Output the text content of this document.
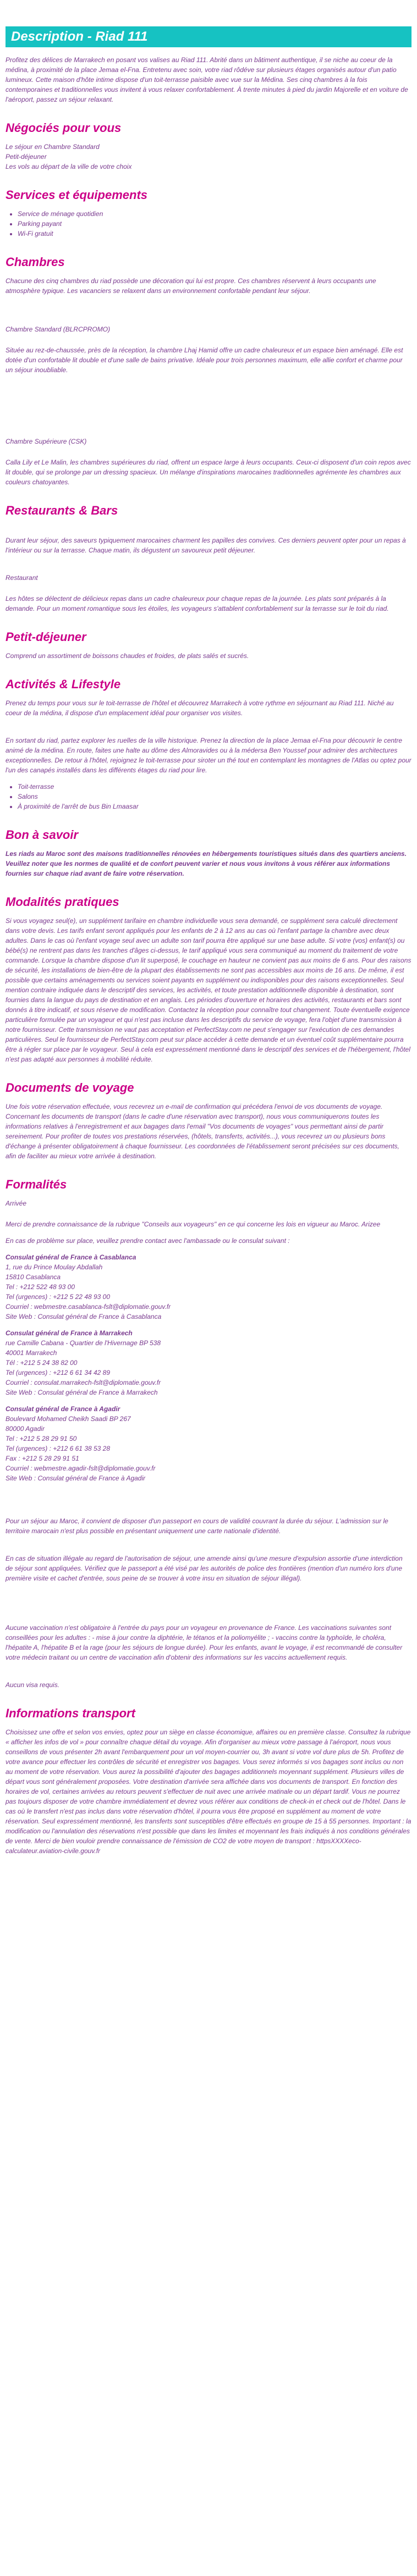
Description - Riad 111

Profitez des délices de Marrakech en posant vos valises au Riad 111. Abrité dans un bâtiment authentique, il se niche au coeur de la médina, à proximité de la place Jemaa el-Fna. Entretenu avec soin, votre riad rôdéve sur plusieurs étages organisés autour d'un patio lumineux. Cette maison d'hôte intime dispose d'un toit-terrasse paisible avec vue sur la Médina. Ses cinq chambres à la fois contemporaines et traditionnelles vous invitent à vous relaxer confortablement. À trente minutes à pied du jardin Majorelle et en voiture de l'aéroport, passez un séjour relaxant.

Négociés pour vous
Le séjour en Chambre Standard
Petit-déjeuner
Les vols au départ de la ville de votre choix
Services et équipements
• Service de ménage quotidien
• Parking payant
• Wi-Fi gratuit
Chambres

Chacune des cinq chambres du riad possède une décoration qui lui est propre. Ces chambres réservent à leurs occupants une atmosphère typique. Les vacanciers se relaxent dans un environnement confortable pendant leur séjour.

Chambre Standard (BLRCPROMO)

Située au rez-de-chaussée, près de la réception, la chambre Lhaj Hamid offre un cadre chaleureux et un espace bien aménagé. Elle est dotée d'un confortable lit double et d'une salle de bains privative. Idéale pour trois personnes maximum, elle allie confort et charme pour un séjour inoubliable.

Chambre Supérieure (CSK)

Calla Lily et Le Malin, les chambres supérieures du riad, offrent un espace large à leurs occupants. Ceux-ci disposent d'un coin repos avec lit double, qui se prolonge par un dressing spacieux. Un mélange d'inspirations marocaines traditionnelles agrémente les chambres aux couleurs chatoyantes.

Restaurants & Bars

Durant leur séjour, des saveurs typiquement marocaines charment les papilles des convives. Ces derniers peuvent opter pour un repas à l'intérieur ou sur la terrasse. Chaque matin, ils dégustent un savoureux petit déjeuner.

Restaurant

Les hôtes se délectent de délicieux repas dans un cadre chaleureux pour chaque repas de la journée. Les plats sont préparés à la demande. Pour un moment romantique sous les étoiles, les voyageurs s'attablent confortablement sur la terrasse sur le toit du riad.

Petit-déjeuner

Comprend un assortiment de boissons chaudes et froides, de plats salés et sucrés.

Activités & Lifestyle

Prenez du temps pour vous sur le toit-terrasse de l'hôtel et découvrez Marrakech à votre rythme en séjournant au Riad 111. Niché au coeur de la médina, il dispose d'un emplacement idéal pour organiser vos visites.

En sortant du riad, partez explorer les ruelles de la ville historique. Prenez la direction de la place Jemaa el-Fna pour découvrir le centre animé de la médina. En route, faites une halte au dôme des Almoravides ou à la médersa Ben Youssef pour admirer des architectures exceptionnelles. De retour à l'hôtel, rejoignez le toit-terrasse pour siroter un thé tout en contemplant les montagnes de l'Atlas ou optez pour l'un des canapés installés dans les différents étages du riad pour lire.

• Toit-terrasse
• Salons
• À proximité de l'arrêt de bus Bin Lmaasar
Bon à savoir

Les riads au Maroc sont des maisons traditionnelles rénovées en hébergements touristiques situés dans des quartiers anciens. Veuillez noter que les normes de qualité et de confort peuvent varier et nous vous invitons à vous référer aux informations fournies sur chaque riad avant de faire votre réservation.

Modalités pratiques

Si vous voyagez seul(e), un supplément tarifaire en chambre individuelle vous sera demandé, ce supplément sera calculé directement dans votre devis. Les tarifs enfant seront appliqués pour les enfants de 2 à 12 ans au cas où l'enfant partage la chambre avec deux adultes. Dans le cas où l'enfant voyage seul avec un adulte son tarif pourra être appliqué sur une base adulte. Si votre (vos) enfant(s) ou bébé(s) ne rentrent pas dans les tranches d'âges ci-dessus, le tarif appliqué vous sera communiqué au moment du traitement de votre commande. Lorsque la chambre dispose d'un lit superposé, le couchage en hauteur ne convient pas aux moins de 6 ans. Pour des raisons de sécurité, les installations de bien-être de la plupart des établissements ne sont pas accessibles aux moins de 16 ans. De même, il est possible que certains aménagements ou services soient payants en supplément ou indisponibles pour des raisons exceptionnelles. Seul mention contraire indiquée dans le descriptif des services, les activités, et toute prestation additionnelle disponible à destination, sont fournies dans la langue du pays de destination et en anglais. Les périodes d'ouverture et horaires des activités, restaurants et bars sont donnés à titre indicatif, et sous réserve de modification. Contactez la réception pour connaître tout changement. Toute éventuelle exigence particulière formulée par un voyageur et qui n'est pas incluse dans les descriptifs du service de voyage, fera l'objet d'une transmission à notre fournisseur. Cette transmission ne vaut pas acceptation et PerfectStay.com ne peut s'engager sur l'exécution de ces demandes particulières. Seul le fournisseur de PerfectStay.com peut sur place accéder à cette demande et un éventuel coût supplémentaire pourra être à régler sur place par le voyageur. Seul à cela est expressément mentionné dans le descriptif des services et de l'hébergement, l'hôtel n'est pas adapté aux personnes à mobilité réduite.

Documents de voyage

Une fois votre réservation effectuée, vous recevrez un e-mail de confirmation qui précédera l'envoi de vos documents de voyage. Concernant les documents de transport (dans le cadre d'une réservation avec transport), nous vous communiquerons toutes les informations relatives à l'enregistrement et aux bagages dans l'email "Vos documents de voyages" vous permettant ainsi de partir sereinement. Pour profiter de toutes vos prestations réservées, (hôtels, transferts, activités...), vous recevrez un ou plusieurs bons d'échange à présenter obligatoirement à chaque fournisseur. Les coordonnées de l'établissement seront précisées sur ces documents, afin de faciliter au mieux votre arrivée à destination.

Formalités
Arrivée

Merci de prendre connaissance de la rubrique "Conseils aux voyageurs" en ce qui concerne les lois en vigueur au Maroc. Arizee

En cas de problème sur place, veuillez prendre contact avec l'ambassade ou le consulat suivant :

Consulat général de France à Casablanca
1, rue du Prince Moulay Abdallah
15810 Casablanca
Tel : +212 522 48 93 00
Tel (urgences) : +212 5 22 48 93 00
Courriel : webmestre.casablanca-fslt@diplomatie.gouv.fr
Site Web : Consulat général de France à Casablanca
Consulat général de France à Marrakech
rue Camille Cabana - Quartier de l'Hivernage BP 538
40001 Marrakech
Tél : +212 5 24 38 82 00
Tel (urgences) : +212 6 61 34 42 89
Courriel : consulat.marrakech-fslt@diplomatie.gouv.fr
Site Web : Consulat général de France à Marrakech
Consulat général de France à Agadir
Boulevard Mohamed Cheikh Saadi BP 267
80000 Agadir
Tel : +212 5 28 29 91 50
Tel (urgences) : +212 6 61 38 53 28
Fax : +212 5 28 29 91 51
Courriel : webmestre.agadir-fslt@diplomatie.gouv.fr
Site Web : Consulat général de France à Agadir

Pour un séjour au Maroc, il convient de disposer d'un passeport en cours de validité couvrant la durée du séjour. L'admission sur le territoire marocain n'est plus possible en présentant uniquement une carte nationale d'identité.

En cas de situation illégale au regard de l'autorisation de séjour, une amende ainsi qu'une mesure d'expulsion assortie d'une interdiction de séjour sont appliquées. Vérifiez que le passeport a été visé par les autorités de police des frontières (mention d'un numéro lors d'une première visite et cachet d'entrée, sous peine de se trouver à votre insu en situation de séjour illégal).

Aucune vaccination n'est obligatoire à l'entrée du pays pour un voyageur en provenance de France. Les vaccinations suivantes sont conseillées pour les adultes : - mise à jour contre la diphtérie, le tétanos et la poliomyélite ; - vaccins contre la typhoïde, le choléra, l'hépatite A, l'hépatite B et la rage (pour les séjours de longue durée). Pour les enfants, avant le voyage, il est recommandé de consulter votre médecin traitant ou un centre de vaccination afin d'obtenir des informations sur les vaccins actuellement requis.

Aucun visa requis.

Informations transport

Choisissez une offre et selon vos envies, optez pour un siège en classe économique, affaires ou en première classe. Consultez la rubrique « afficher les infos de vol » pour connaître chaque détail du voyage. Afin d'organiser au mieux votre passage à l'aéroport, nous vous conseillons de vous présenter 2h avant l'embarquement pour un vol moyen-courrier ou, 3h avant si votre vol dure plus de 5h. Profitez de votre avance pour effectuer les contrôles de sécurité et enregistrer vos bagages. Vous serez informés si vos bagages sont inclus ou non au moment de votre réservation. Vous aurez la possibilité d'ajouter des bagages additionnels moyennant supplément. Plusieurs villes de départ vous sont généralement proposées. Votre destination d'arrivée sera affichée dans vos documents de transport. En fonction des horaires de vol, certaines arrivées au retours peuvent s'effectuer de nuit avec une arrivée matinale ou un départ tardif. Vous ne pourrez pas toujours disposer de votre chambre immédiatement et devrez vous référer aux conditions de check-in et check out de l'hôtel. Dans le cas où le transfert n'est pas inclus dans votre réservation d'hôtel, il pourra vous être proposé en supplément au moment de votre réservation. Seul expressément mentionné, les transferts sont susceptibles d'être effectués en groupe de 15 à 55 personnes. Important : la modification ou l'annulation des réservations n'est possible que dans les limites et moyennant les frais indiqués à nos conditions générales de vente. Merci de bien vouloir prendre connaissance de l'émission de CO2 de votre moyen de transport : httpsXXXXeco-calculateur.aviation-civile.gouv.fr
